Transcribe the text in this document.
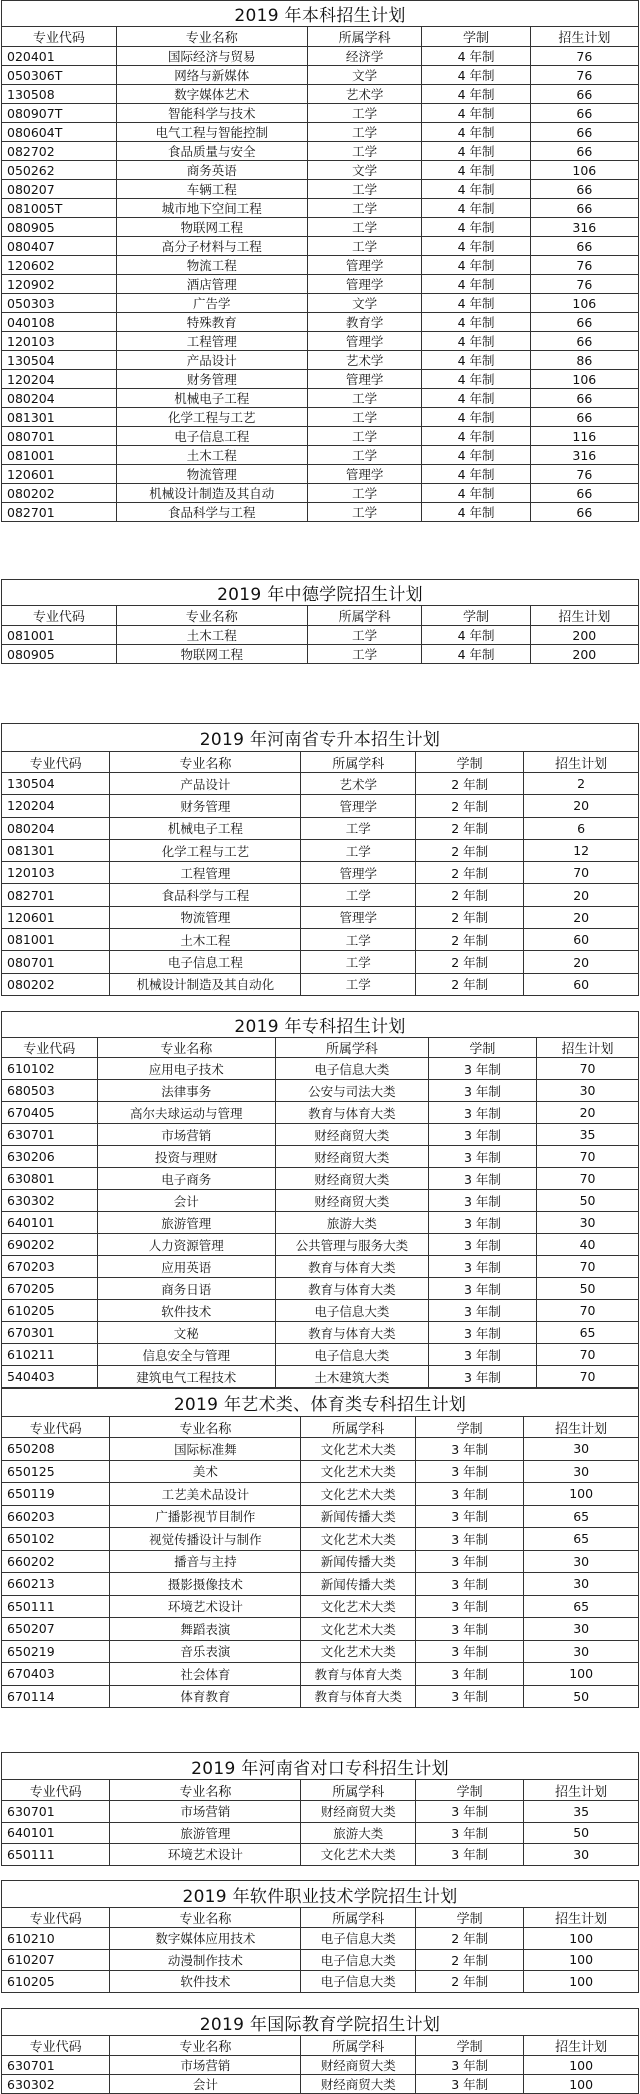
2019 年本科招生计划				
专业代码	专业名称	所属学科	学制	招生计划
020401	国际经济与贸易	经济学	4 年制	76
050306T	网络与新媒体	文学	4 年制	76
130508	数字媒体艺术	艺术学	4 年制	66
080907T	智能科学与技术	工学	4 年制	66
080604T	电气工程与智能控制	工学	4 年制	66
082702	食品质量与安全	工学	4 年制	66
050262	商务英语	文学	4 年制	106
080207	车辆工程	工学	4 年制	66
081005T	城市地下空间工程	工学	4 年制	66
080905	物联网工程	工学	4 年制	316
080407	高分子材料与工程	工学	4 年制	66
120602	物流工程	管理学	4 年制	76
120902	酒店管理	管理学	4 年制	76
050303	广告学	文学	4 年制	106
040108	特殊教育	教育学	4 年制	66
120103	工程管理	管理学	4 年制	66
130504	产品设计	艺术学	4 年制	86
120204	财务管理	管理学	4 年制	106
080204	机械电子工程	工学	4 年制	66
081301	化学工程与工艺	工学	4 年制	66
080701	电子信息工程	工学	4 年制	116
081001	土木工程	工学	4 年制	316
120601	物流管理	管理学	4 年制	76
080202	机械设计制造及其自动	工学	4 年制	66
082701	食品科学与工程	工学	4 年制	66
2019 年中德学院招生计划				
专业代码	专业名称	所属学科	学制	招生计划
081001	土木工程	工学	4 年制	200
080905	物联网工程	工学	4 年制	200
2019 年河南省专升本招生计划				
专业代码	专业名称	所属学科	学制	招生计划
130504	产品设计	艺术学	2 年制	2
120204	财务管理	管理学	2 年制	20
080204	机械电子工程	工学	2 年制	6
081301	化学工程与工艺	工学	2 年制	12
120103	工程管理	管理学	2 年制	70
082701	食品科学与工程	工学	2 年制	20
120601	物流管理	管理学	2 年制	20
081001	土木工程	工学	2 年制	60
080701	电子信息工程	工学	2 年制	20
080202	机械设计制造及其自动化	工学	2 年制	60
2019 年专科招生计划				
专业代码	专业名称	所属学科	学制	招生计划
610102	应用电子技术	电子信息大类	3 年制	70
680503	法律事务	公安与司法大类	3 年制	30
670405	高尔夫球运动与管理	教育与体育大类	3 年制	20
630701	市场营销	财经商贸大类	3 年制	35
630206	投资与理财	财经商贸大类	3 年制	70
630801	电子商务	财经商贸大类	3 年制	70
630302	会计	财经商贸大类	3 年制	50
640101	旅游管理	旅游大类	3 年制	30
690202	人力资源管理	公共管理与服务大类	3 年制	40
670203	应用英语	教育与体育大类	3 年制	70
670205	商务日语	教育与体育大类	3 年制	50
610205	软件技术	电子信息大类	3 年制	70
670301	文秘	教育与体育大类	3 年制	65
610211	信息安全与管理	电子信息大类	3 年制	70
540403	建筑电气工程技术	土木建筑大类	3 年制	70
2019 年艺术类、体育类专科招生计划				
专业代码	专业名称	所属学科	学制	招生计划
650208	国际标准舞	文化艺术大类	3 年制	30
650125	美术	文化艺术大类	3 年制	30
650119	工艺美术品设计	文化艺术大类	3 年制	100
660203	广播影视节目制作	新闻传播大类	3 年制	65
650102	视觉传播设计与制作	文化艺术大类	3 年制	65
660202	播音与主持	新闻传播大类	3 年制	30
660213	摄影摄像技术	新闻传播大类	3 年制	30
650111	环境艺术设计	文化艺术大类	3 年制	65
650207	舞蹈表演	文化艺术大类	3 年制	30
650219	音乐表演	文化艺术大类	3 年制	30
670403	社会体育	教育与体育大类	3 年制	100
670114	体育教育	教育与体育大类	3 年制	50
2019 年河南省对口专科招生计划				
专业代码	专业名称	所属学科	学制	招生计划
630701	市场营销	财经商贸大类	3 年制	35
640101	旅游管理	旅游大类	3 年制	50
650111	环境艺术设计	文化艺术大类	3 年制	30
2019 年软件职业技术学院招生计划				
专业代码	专业名称	所属学科	学制	招生计划
610210	数字媒体应用技术	电子信息大类	2 年制	100
610207	动漫制作技术	电子信息大类	2 年制	100
610205	软件技术	电子信息大类	2 年制	100
2019 年国际教育学院招生计划				
专业代码	专业名称	所属学科	学制	招生计划
630701	市场营销	财经商贸大类	3 年制	100
630302	会计	财经商贸大类	3 年制	100
